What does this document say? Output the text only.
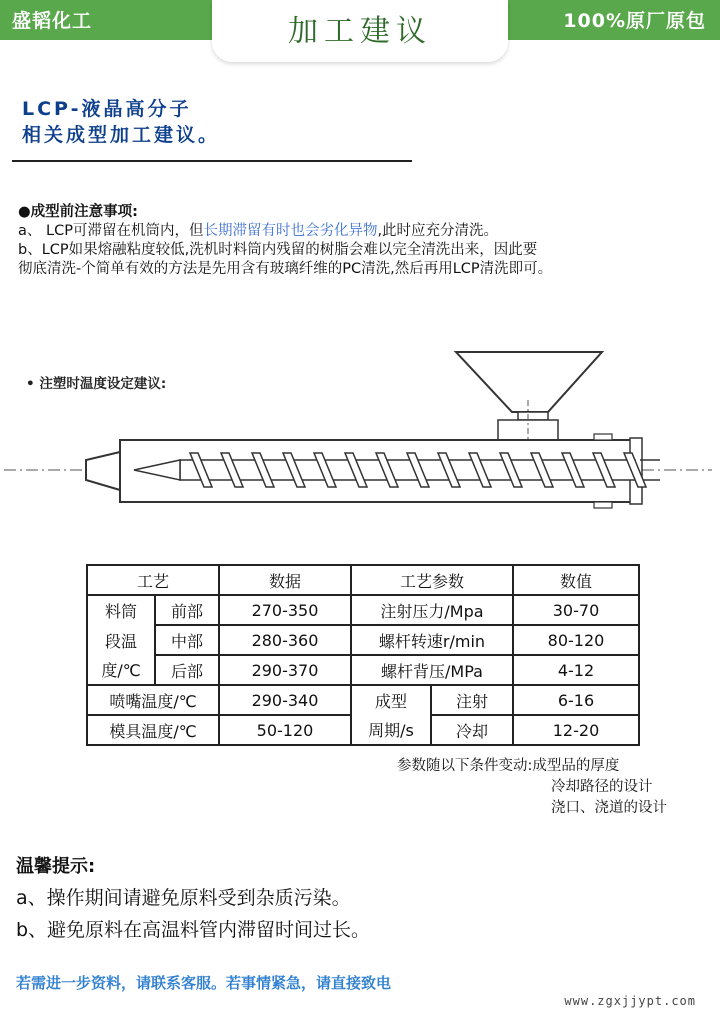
盛韬化工	100%原厂原包
加工建议
LCP-液晶高分子
相关成型加工建议。
●成型前注意事项:
a、 LCP可滞留在机筒内，但长期滞留有时也会劣化异物,此时应充分清洗。
b、LCP如果熔融粘度较低,洗机时料筒内残留的树脂会难以完全清洗出来，因此要
彻底清洗-个简单有效的方法是先用含有玻璃纤维的PC清洗,然后再用LCP清洗即可。
• 注塑时温度设定建议:
工艺		数据	工艺参数		数值
料筒	前部	270-350	注射压力/Mpa		30-70
段温	中部	280-360	螺杆转速r/min		80-120
度/℃	后部	290-370	螺杆背压/MPa		4-12
喷嘴温度/℃		290-340	成型	注射	6-16
模具温度/℃		50-120	周期/s	冷却	12-20
参数随以下条件变动:成型品的厚度
冷却路径的设计
浇口、浇道的设计
温馨提示:
a、操作期间请避免原料受到杂质污染。
b、避免原料在高温料管内滞留时间过长。
若需进一步资料，请联系客服。若事情紧急，请直接致电
www.zgxjjypt.com
